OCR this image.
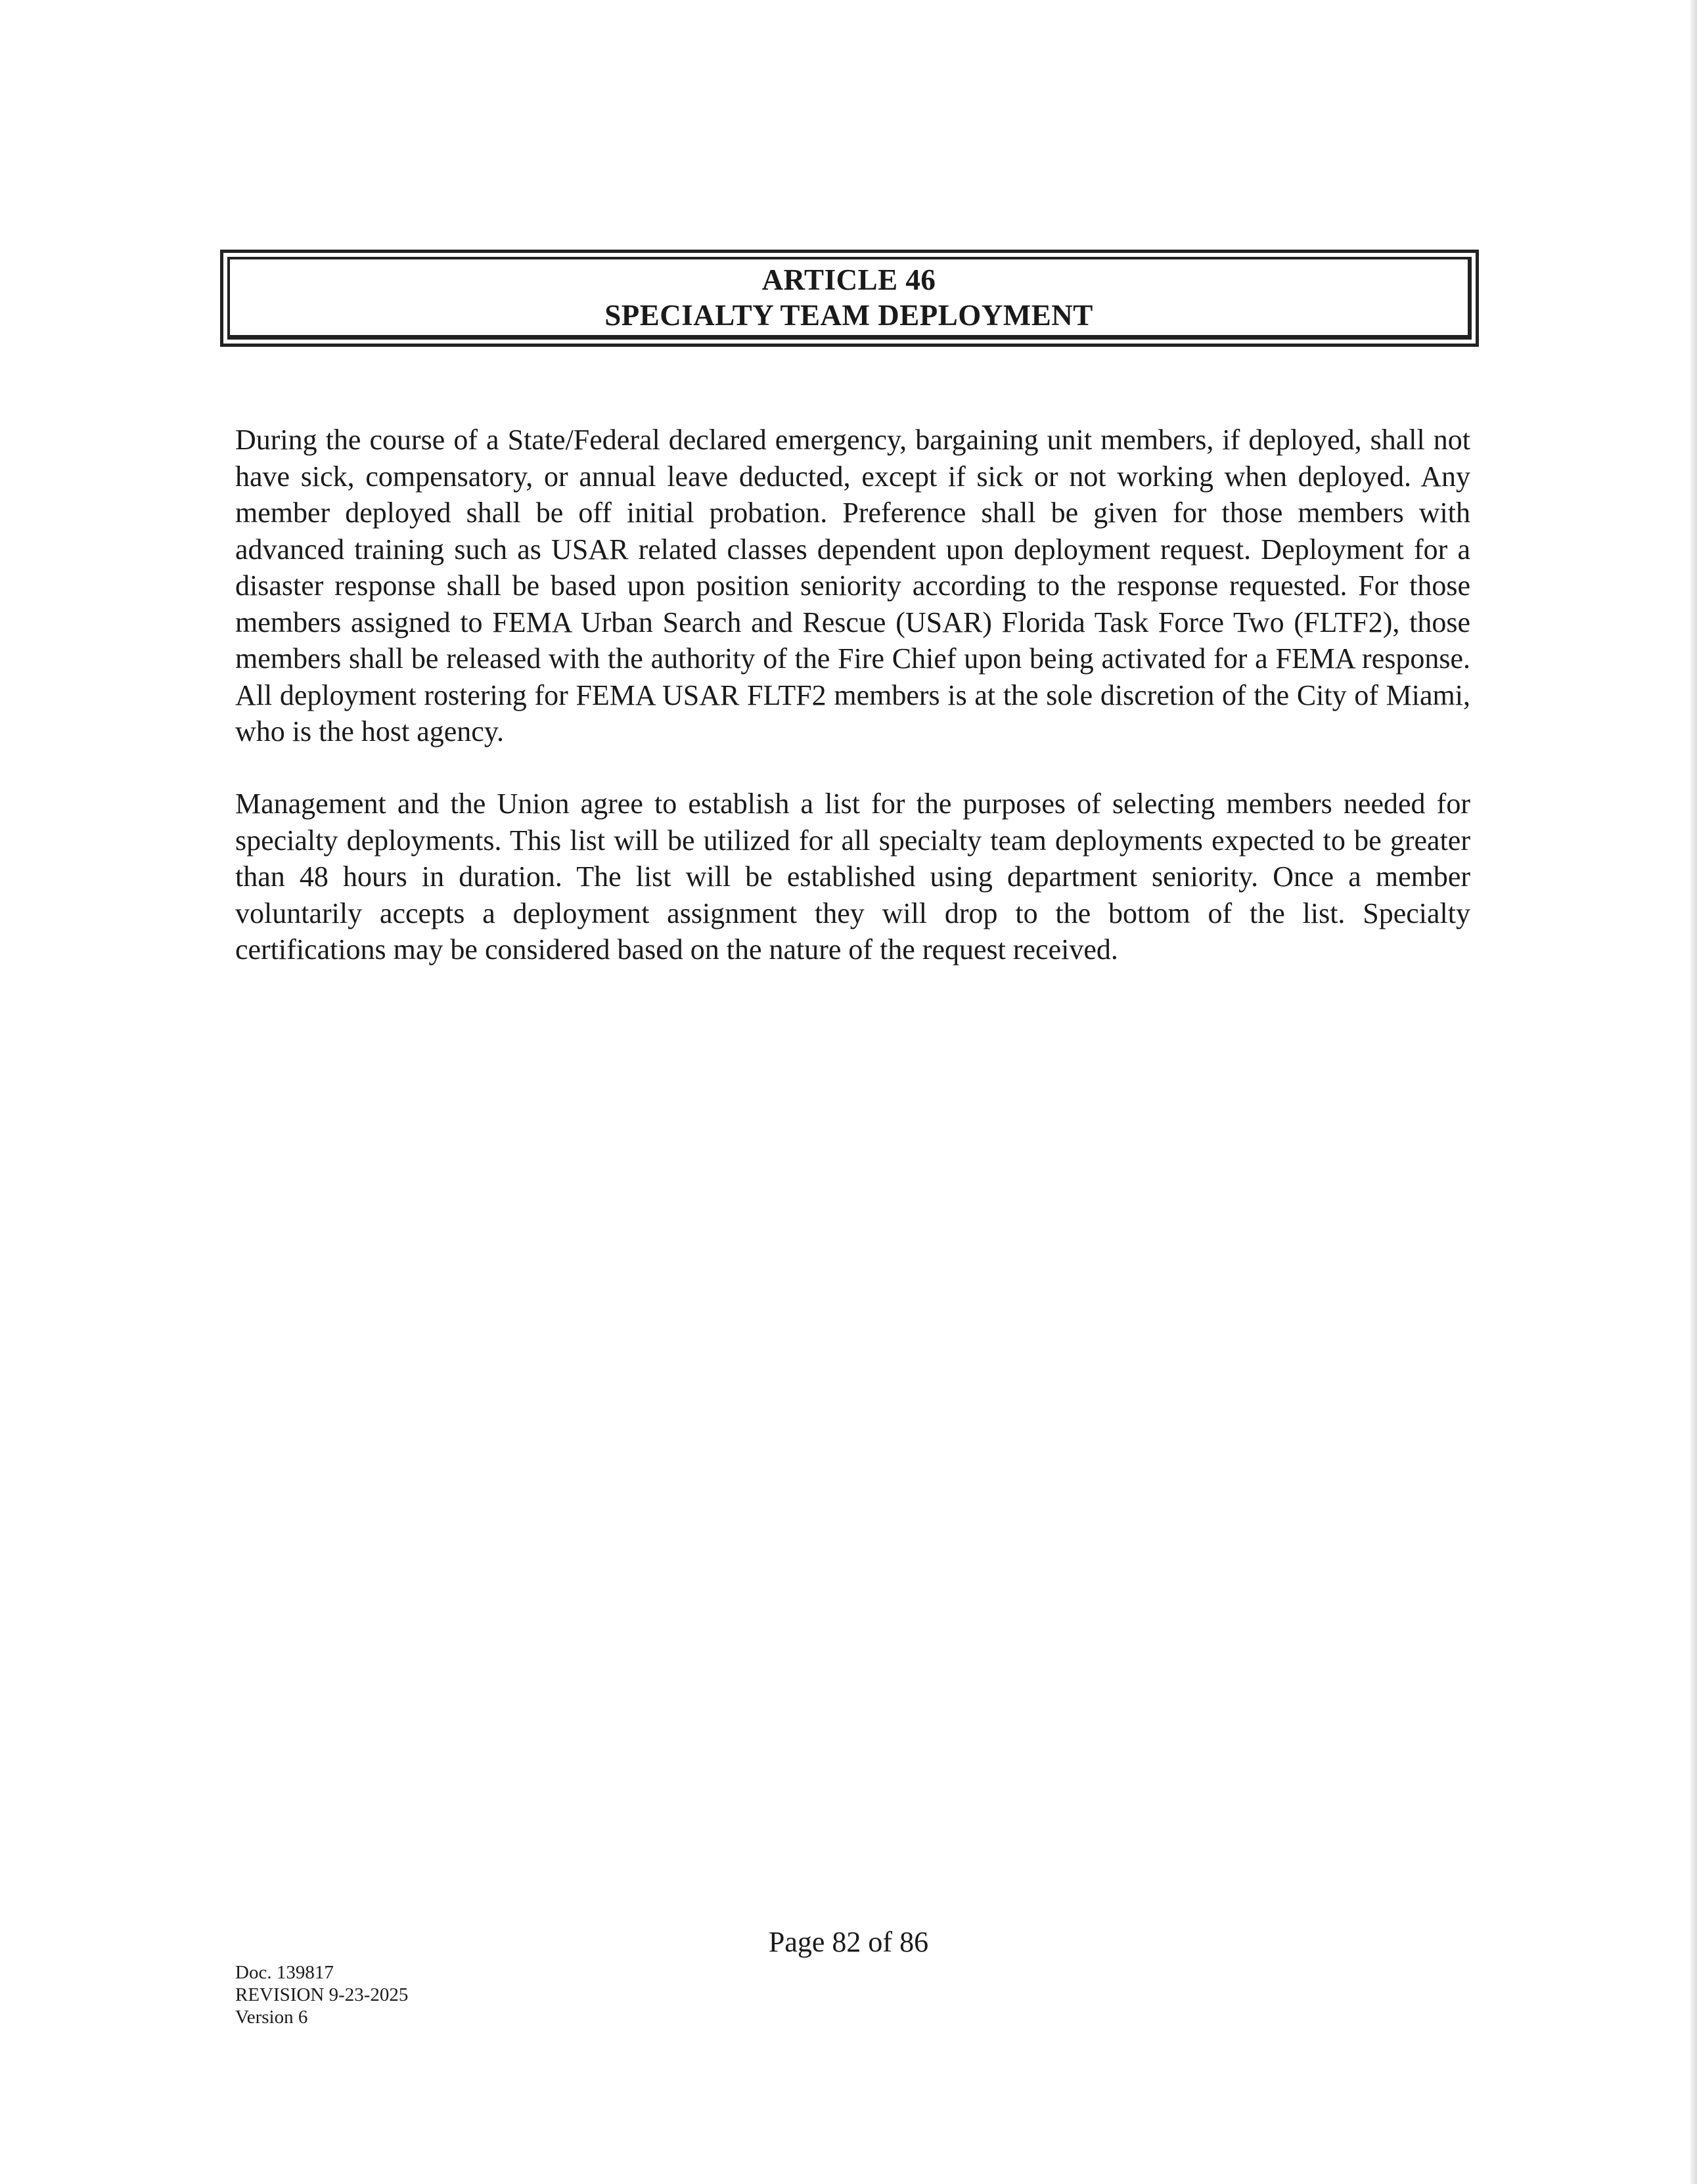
ARTICLE 46
SPECIALTY TEAM DEPLOYMENT
During the course of a State/Federal declared emergency, bargaining unit members, if deployed, shall not have sick, compensatory, or annual leave deducted, except if sick or not working when deployed. Any member deployed shall be off initial probation. Preference shall be given for those members with advanced training such as USAR related classes dependent upon deployment request. Deployment for a disaster response shall be based upon position seniority according to the response requested. For those members assigned to FEMA Urban Search and Rescue (USAR) Florida Task Force Two (FLTF2), those members shall be released with the authority of the Fire Chief upon being activated for a FEMA response. All deployment rostering for FEMA USAR FLTF2 members is at the sole discretion of the City of Miami, who is the host agency.
Management and the Union agree to establish a list for the purposes of selecting members needed for specialty deployments. This list will be utilized for all specialty team deployments expected to be greater than 48 hours in duration. The list will be established using department seniority. Once a member voluntarily accepts a deployment assignment they will drop to the bottom of the list. Specialty certifications may be considered based on the nature of the request received.
Page 82 of 86
Doc. 139817
REVISION 9-23-2025
Version 6
